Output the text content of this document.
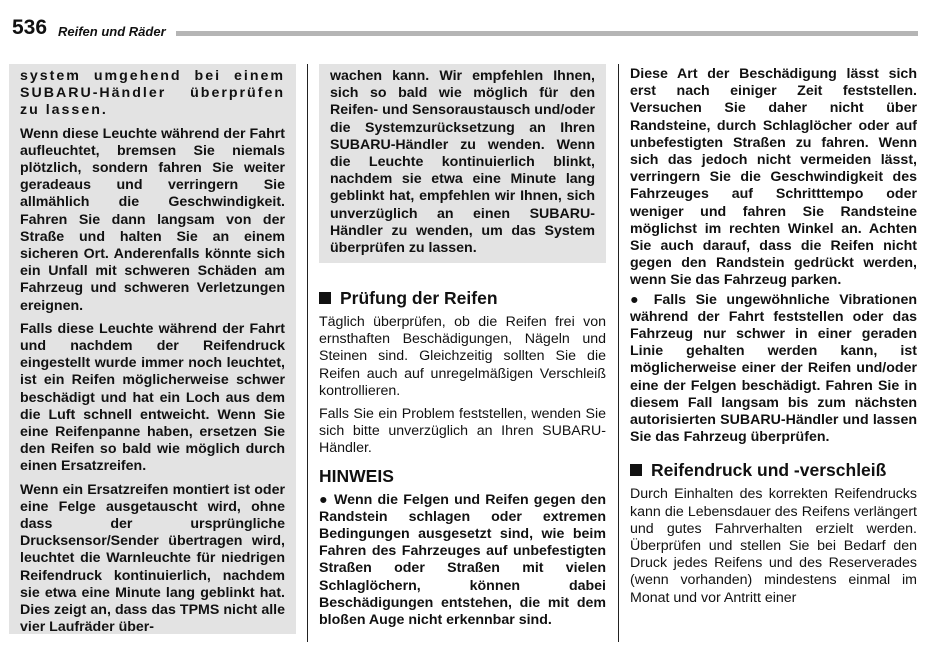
536 Reifen und Räder

system umgehend bei einem SUBARU-Händler überprüfen zu lassen.

Wenn diese Leuchte während der Fahrt aufleuchtet, bremsen Sie niemals plötzlich, sondern fahren Sie weiter geradeaus und verringern Sie allmählich die Geschwindigkeit. Fahren Sie dann langsam von der Straße und halten Sie an einem sicheren Ort. Anderenfalls könnte sich ein Unfall mit schweren Schäden am Fahrzeug und schweren Verletzungen ereignen.

Falls diese Leuchte während der Fahrt und nachdem der Reifendruck eingestellt wurde immer noch leuchtet, ist ein Reifen möglicherweise schwer beschädigt und hat ein Loch aus dem die Luft schnell entweicht. Wenn Sie eine Reifenpanne haben, ersetzen Sie den Reifen so bald wie möglich durch einen Ersatzreifen.

Wenn ein Ersatzreifen montiert ist oder eine Felge ausgetauscht wird, ohne dass der ursprüngliche Drucksensor/Sender übertragen wird, leuchtet die Warnleuchte für niedrigen Reifendruck kontinuierlich, nachdem sie etwa eine Minute lang geblinkt hat. Dies zeigt an, dass das TPMS nicht alle vier Laufräder über-

wachen kann. Wir empfehlen Ihnen, sich so bald wie möglich für den Reifen- und Sensoraustausch und/oder die Systemzurücksetzung an Ihren SUBARU-Händler zu wenden. Wenn die Leuchte kontinuierlich blinkt, nachdem sie etwa eine Minute lang geblinkt hat, empfehlen wir Ihnen, sich unverzüglich an einen SUBARU-Händler zu wenden, um das System überprüfen zu lassen.

Prüfung der Reifen

Täglich überprüfen, ob die Reifen frei von ernsthaften Beschädigungen, Nägeln und Steinen sind. Gleichzeitig sollten Sie die Reifen auch auf unregelmäßigen Verschleiß kontrollieren.

Falls Sie ein Problem feststellen, wenden Sie sich bitte unverzüglich an Ihren SUBARU-Händler.

HINWEIS

● Wenn die Felgen und Reifen gegen den Randstein schlagen oder extremen Bedingungen ausgesetzt sind, wie beim Fahren des Fahrzeuges auf unbefestigten Straßen oder Straßen mit vielen Schlaglöchern, können dabei Beschädigungen entstehen, die mit dem bloßen Auge nicht erkennbar sind.

Diese Art der Beschädigung lässt sich erst nach einiger Zeit feststellen. Versuchen Sie daher nicht über Randsteine, durch Schlaglöcher oder auf unbefestigten Straßen zu fahren. Wenn sich das jedoch nicht vermeiden lässt, verringern Sie die Geschwindigkeit des Fahrzeuges auf Schritttempo oder weniger und fahren Sie Randsteine möglichst im rechten Winkel an. Achten Sie auch darauf, dass die Reifen nicht gegen den Randstein gedrückt werden, wenn Sie das Fahrzeug parken.

● Falls Sie ungewöhnliche Vibrationen während der Fahrt feststellen oder das Fahrzeug nur schwer in einer geraden Linie gehalten werden kann, ist möglicherweise einer der Reifen und/oder eine der Felgen beschädigt. Fahren Sie in diesem Fall langsam bis zum nächsten autorisierten SUBARU-Händler und lassen Sie das Fahrzeug überprüfen.

Reifendruck und -verschleiß

Durch Einhalten des korrekten Reifendrucks kann die Lebensdauer des Reifens verlängert und gutes Fahrverhalten erzielt werden. Überprüfen und stellen Sie bei Bedarf den Druck jedes Reifens und des Reserverades (wenn vorhanden) mindestens einmal im Monat und vor Antritt einer
